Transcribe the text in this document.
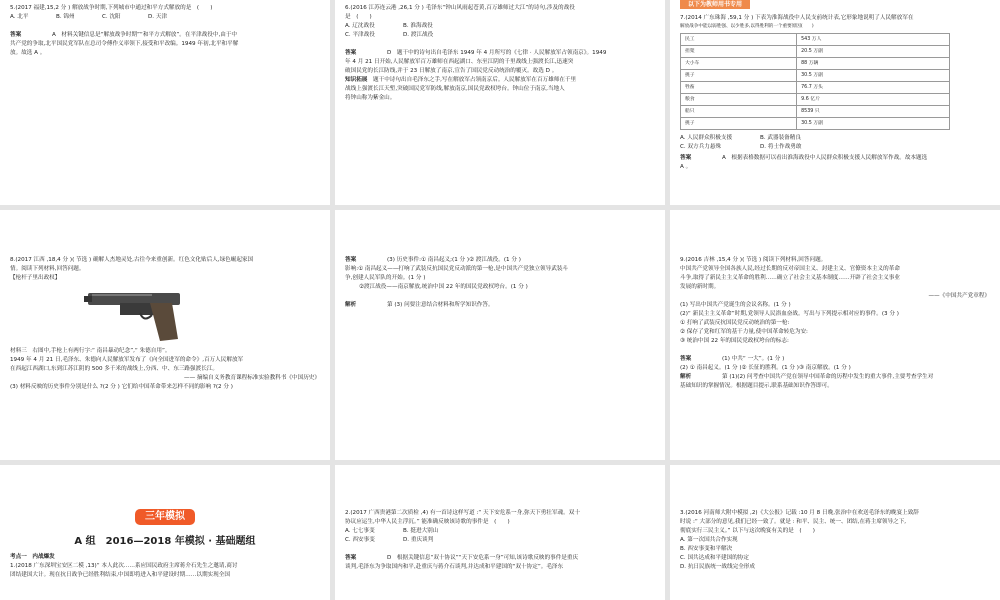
5.(2017 福建,15,2 分 ) 解放战争时期,下列城市中通过和平方式解放的是　(　　)

A. 北平	B. 锦州	C. 沈阳	D. 天津

答案	A　材料关键信息是“解放战争时期”“和平方式解放”。在平津战役中,由于中

共产党的争取,北平国民党军队在总司令傅作义率领下,接受和平改编。1949 年初,北平和平解

放。故选 A 。

6.(2016 江苏连云港 ,26,1 分 ) 毛泽东“钟山风雨起苍黄,百万雄师过大江”的诗句,涉及的战役

是　(　　)

A. 辽沈战役	B. 淮海战役

C. 平津战役	D. 渡江战役

答案	D　题干中的诗句出自毛泽东 1949 年 4 月所写的《七律 · 人民解放军占领南京》。1949

年 4 月 21 日开始,人民解放军百万雄师在西起湖口、东至江阴的千里战线上强渡长江,迅速突

破国民党的长江防线,并于 23 日解放了南京,宣告了国民党反动统治的覆灭。故选 D 。

知识拓展　 题干中诗句出自毛泽东之手,写在解放军占领南京后。人民解放军在百万雄师在千里

战线上强渡长江天堑,突破国民党军防线,解放南京,国民党政权垮台。钟山位于南京,当地人

将钟山称为紫金山。

以下为教师用书专用

7.(2014 广东珠海 ,59,1 分 ) 下表为淮海战役中人民支前统计表,它形象地说明了人民解放军在

解放战争中能以弱胜强、以少胜多,以得胜利的一个重要原因(　　)

民工	543 万人
担架	20.5 万副
大小车	88 万辆
挑子	30.5 万副
牲畜	76.7 万头
粮食	9.6 亿斤
船只	8539 只
挑子	30.5 万副

A. 人民群众积极支援	B. 武器装备精良

C. 双方兵力悬殊	D. 将士作战勇敢

答案	A　根据表格数据可以看出淮海战役中人民群众积极支援人民解放军作战。故本题选

A 。

8.(2017 江西 ,18,4 分 )( 节选 ) 确解人杰地灵处,古往今来重创新。红色文化贴后人,绿色崛起家国

情。阅读下列材料,回答问题。

【枪杆子里出政权】

材料三　右图中,手枪上有两行字:“ 南昌暴动纪念”,“ 朱德自用”。

1949 年 4 月 21 日,毛泽东、朱德向人民解放军发布了《向全国进军的命令》,百万人民解放军

在西起江西湖口,东到江苏江阴的 500 多千米的战线上,分西、中、东三路强渡长江。

—— 摘编自义务教育课程标准实验教科书《中国历史》

(3) 材料反映的历史事件分别是什么 ?(2 分 ) 它们给中国革命带来怎样不同的影响 ?(2 分 )

答案	(3) 历史事件:① 南昌起义;(1 分 )② 渡江战役。(1 分 )

影响:① 南昌起义——打响了武装反抗国民党反动派的第一枪,是中国共产党独立领导武装斗

争,创建人民军队的开始。(1 分 )

②渡江战役——南京解放,统治中国 22 年的国民党政权垮台。(1 分 )

解析	第 (3) 问要注意结合材料和所学知识作答。

9.(2016 吉林 ,15,4 分 )( 节选 ) 阅读下列材料,回答问题。

中国共产党领导全国各族人民,经过长期的反对帝国主义、封建主义、官僚资本主义的革命

斗争,取得了新民主主义革命的胜利……确立了社会主义基本制度……开辟了社会主义事业

发展的新时期。

——《中国共产党章程》

(1) 写出中国共产党诞生的会议名称。(1 分 )

(2)“ 新民主主义革命”时期,党领导人民浴血奋战。写出与下列提示相对应的事件。(3 分 )

① 打响了武装反抗国民党反动统治的第一枪:

② 保存了党和红军的基干力量,使中国革命转危为安:

③ 统治中国 22 年的国民党政权垮台的标志:

答案	(1) 中共“ 一大”。(1 分 )

(2) ① 南昌起义。(1 分 )② 长征的胜利。(1 分 )③ 南京解放。(1 分 )

解析	第 (1)(2) 问考查中国共产党在领导中国革命的历程中发生的重大事件,主要考查学生对

基础知识的掌握情况。根据题目提示,联系基础知识作答即可。

三年模拟

A 组　2016—2018 年模拟 · 基础题组

考点一　内战爆发

1.(2018 广东深圳宝安区二模 ,13)“ 本人此次……系应国民政府主席蒋介石先生之邀请,商讨

团结建国大计。现在抗日战争已经胜利结束,中国即将进入和平建设时期……以期实现全国

2.(2017 广西贵港第二次质检 ,4) 有一首诗这样写道 :“ 天下安危系一身,弥天下勇壮军魂。双十

协议应运生,中华人民主浮沉。” 能准确反映该诗歌的事件是　(　　)

A. 七七事变	B. 挺进大别山

C. 西安事变	D. 重庆谈判

答案	D　根据关键信息“双十协议”“天下安危系一身”可知,该诗歌反映的事件是重庆

谈判,毛泽东为争取国内和平,赴重庆与蒋介石谈判,并达成和平建国的“双十协定”。毛泽东

3.(2016 河南师大附中模拟 ,2)《大公报》记载 :10 月 8 日晚,张治中在欢送毛泽东的晚宴上致辞

时说 :“ 大部分的意见,我们已经一致了。就是 : 和平、民主、统一、团结,在蒋主席领导之下,

彻底实行三民主义。” 以下与这次晚宴有关的是　(　　)

A. 第一次国共合作实现

B. 西安事变和平解决

C. 国共达成和平建国的协定

D. 抗日民族统一战线完全形成
